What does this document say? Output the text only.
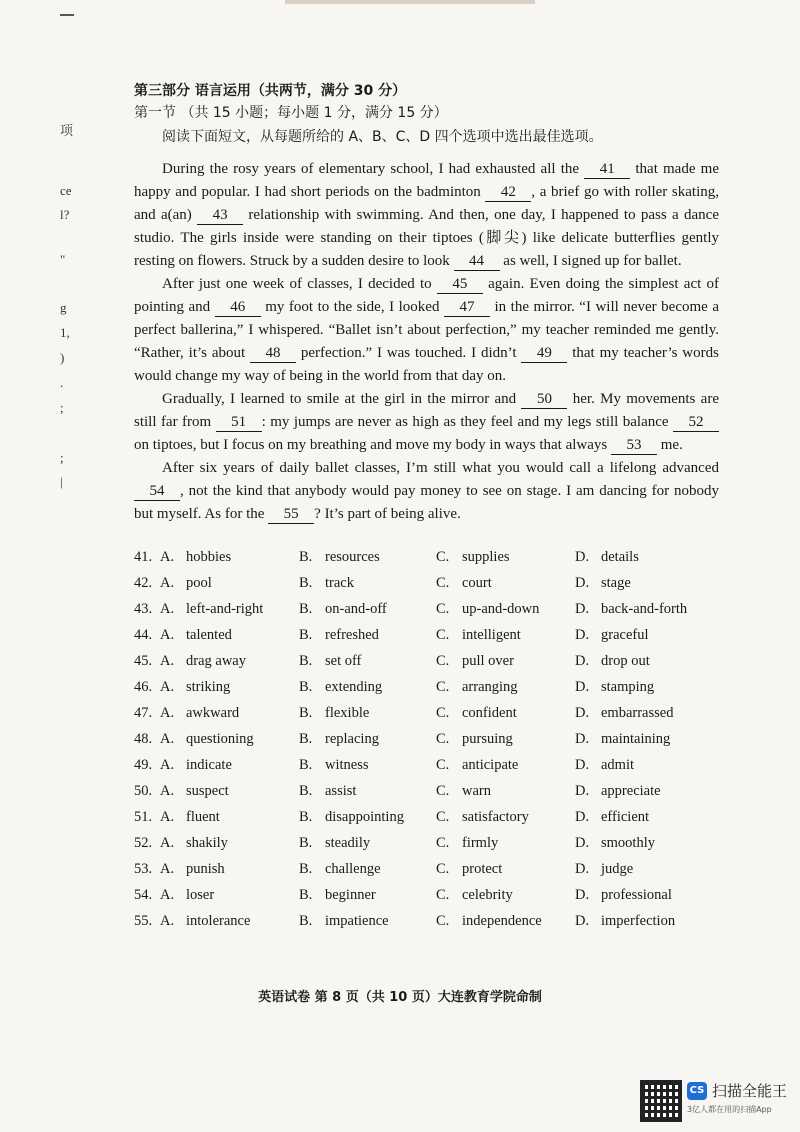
项
ce
l?
"
g
1,
)
.
;
;
|
第三部分 语言运用（共两节，满分 30 分）
第一节 （共 15 小题；每小题 1 分，满分 15 分）
阅读下面短文，从每题所给的 A、B、C、D 四个选项中选出最佳选项。

During the rosy years of elementary school, I had exhausted all the 41 that made me happy and popular. I had short periods on the badminton 42 , a brief go with roller skating, and a(an) 43 relationship with swimming. And then, one day, I happened to pass a dance studio. The girls inside were standing on their tiptoes (脚尖) like delicate butterflies gently resting on flowers. Struck by a sudden desire to look 44 as well, I signed up for ballet.

After just one week of classes, I decided to 45 again. Even doing the simplest act of pointing and 46 my foot to the side, I looked 47 in the mirror. “I will never become a perfect ballerina,” I whispered. “Ballet isn’t about perfection,” my teacher reminded me gently. “Rather, it’s about 48 perfection.” I was touched. I didn’t 49 that my teacher’s words would change my way of being in the world from that day on.

Gradually, I learned to smile at the girl in the mirror and 50 her. My movements are still far from 51 : my jumps are never as high as they feel and my legs still balance 52 on tiptoes, but I focus on my breathing and move my body in ways that always 53 me.

After six years of daily ballet classes, I’m still what you would call a lifelong advanced 54 , not the kind that anybody would pay money to see on stage. I am dancing for nobody but myself. As for the 55 ? It’s part of being alive.

41. A. hobbies	B. resources	C. supplies	D. details
42. A. pool	B. track	C. court	D. stage
43. A. left-and-right B. on-and-off	C. up-and-down D. back-and-forth
44. A. talented	B. refreshed	C. intelligent	D. graceful
45. A. drag away	B. set off	C. pull over	D. drop out
46. A. striking	B. extending	C. arranging	D. stamping
47. A. awkward	B. flexible	C. confident	D. embarrassed
48. A. questioning	B. replacing	C. pursuing	D. maintaining
49. A. indicate	B. witness	C. anticipate	D. admit
50. A. suspect	B. assist	C. warn	D. appreciate
51. A. fluent	B. disappointing C. satisfactory	D. efficient
52. A. shakily	B. steadily	C. firmly	D. smoothly
53. A. punish	B. challenge	C. protect	D. judge
54. A. loser	B. beginner	C. celebrity	D. professional
55. A. intolerance	B. impatience	C. independence D. imperfection
英语试卷 第 8 页（共 10 页）大连教育学院命制
CS 扫描全能王
3亿人都在用的扫描App
